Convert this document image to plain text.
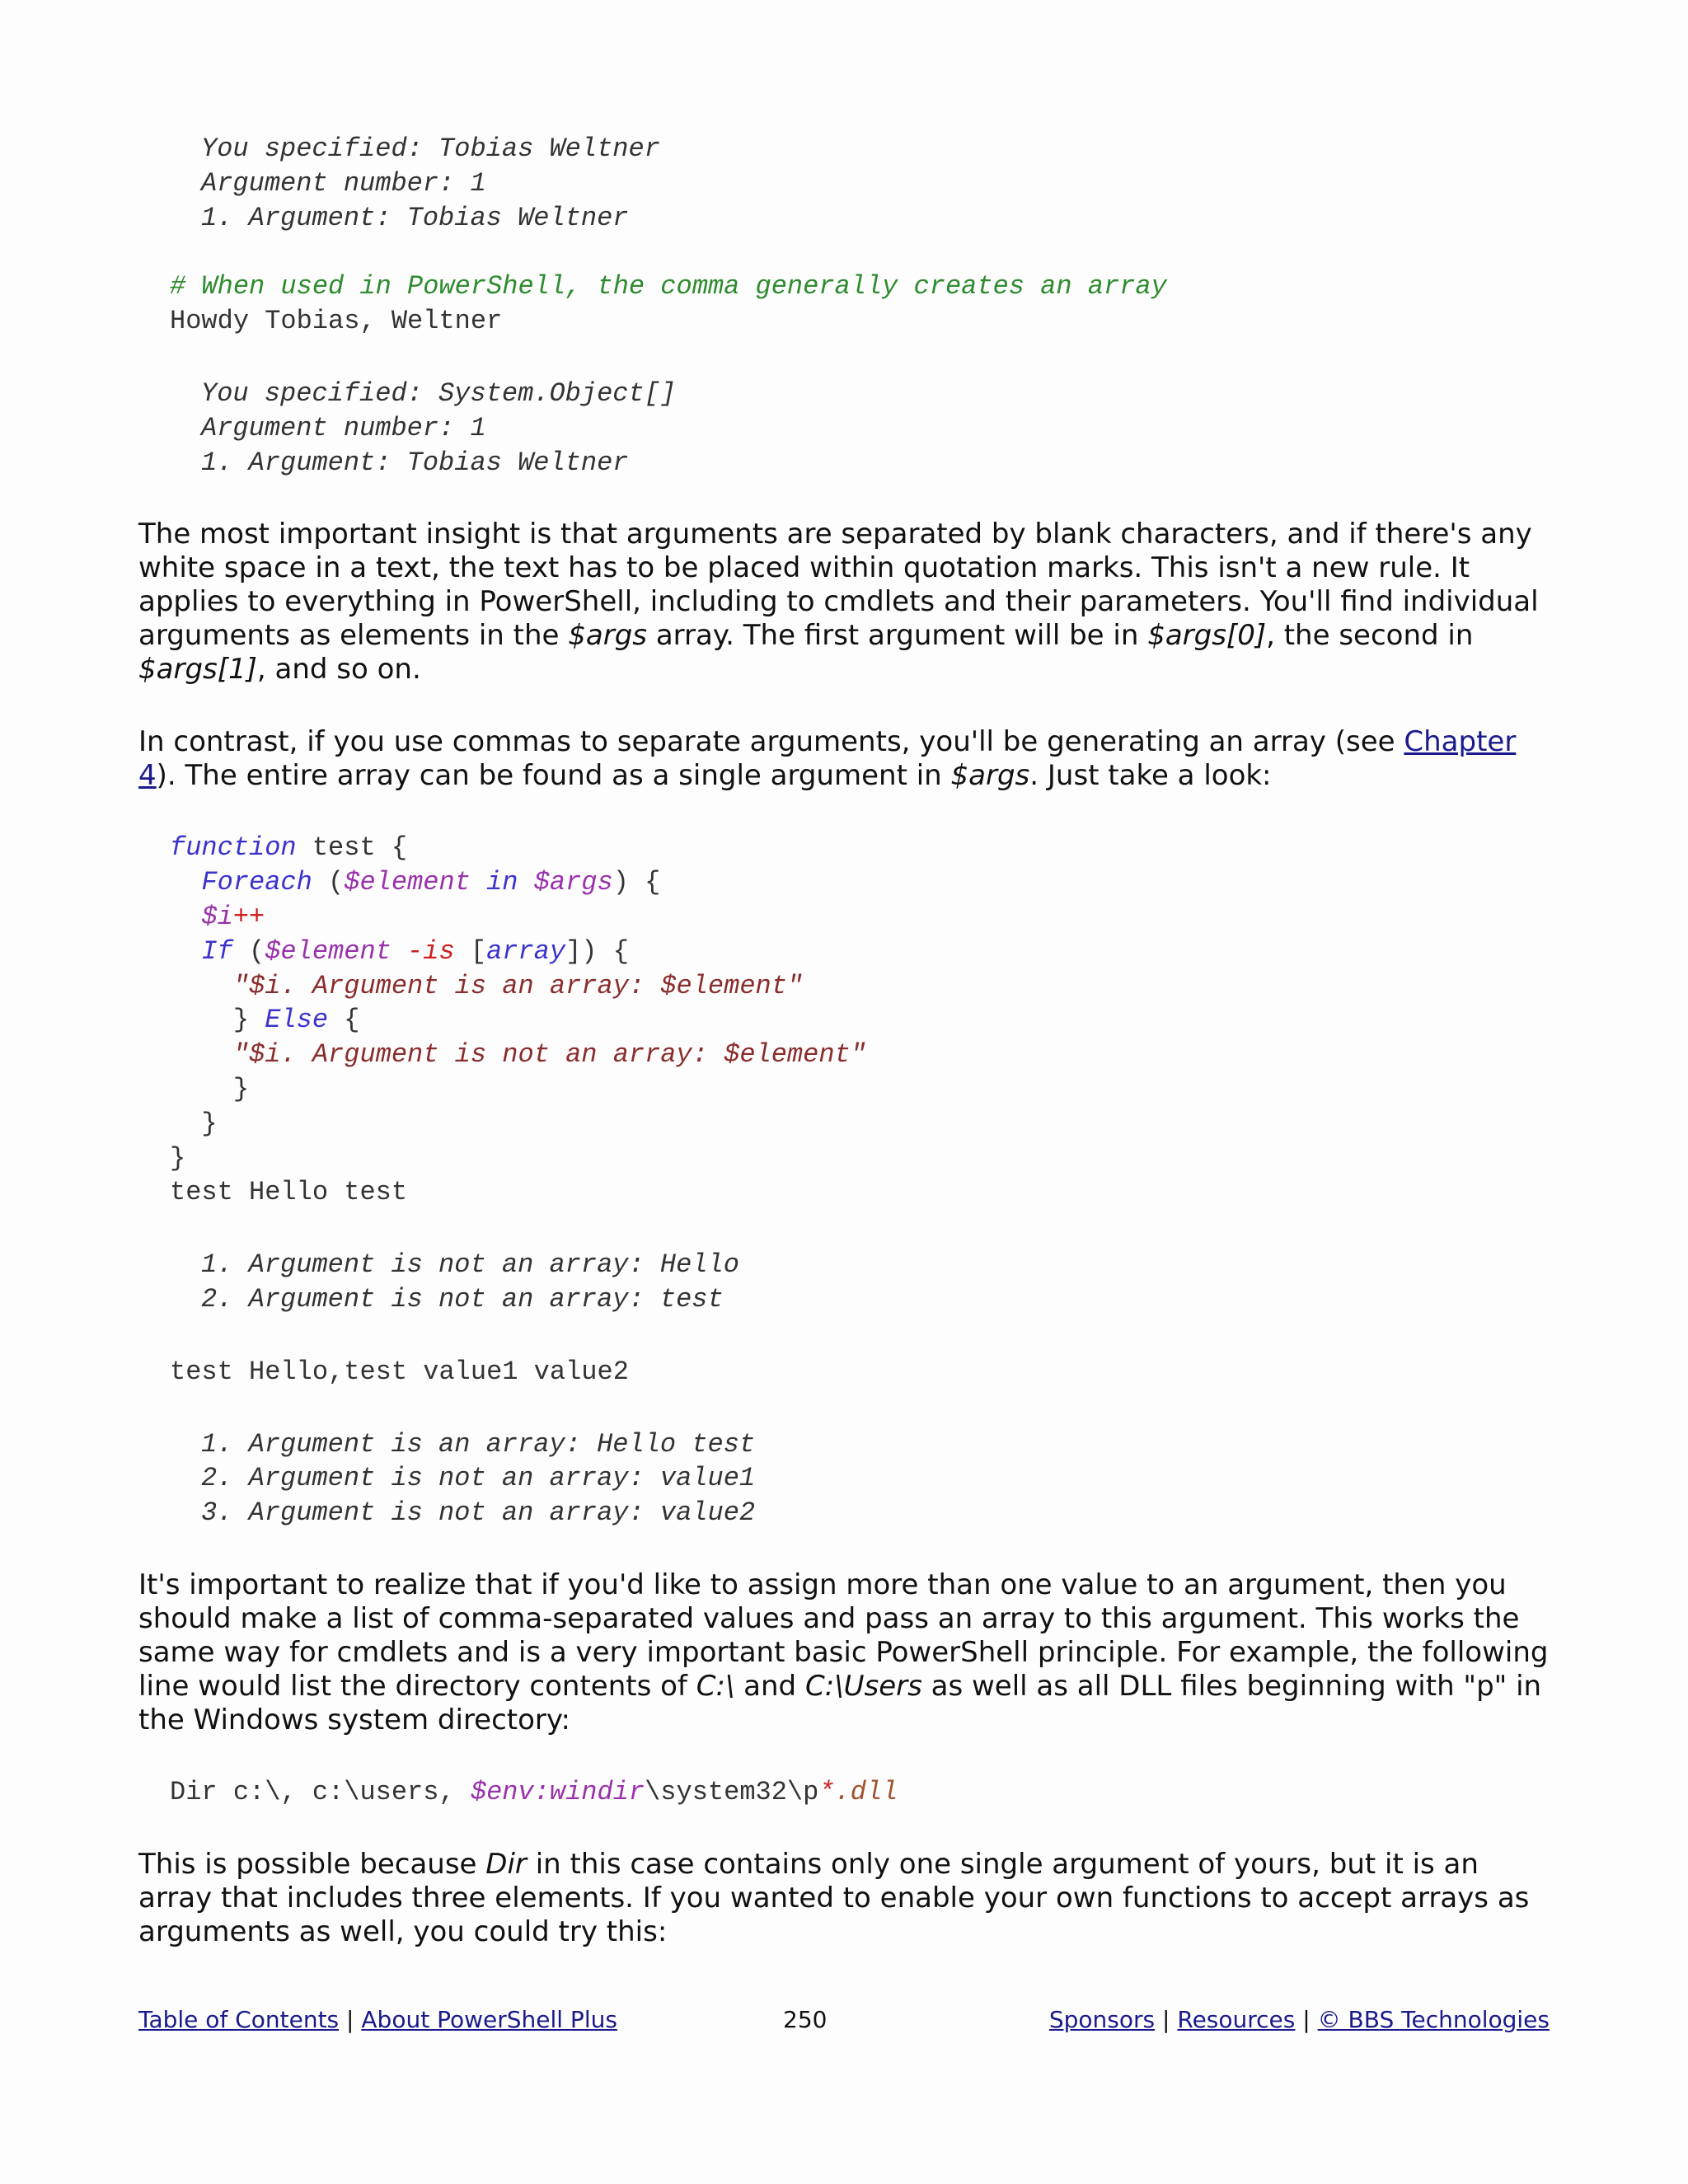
You specified: Tobias Weltner
Argument number: 1
1. Argument: Tobias Weltner
# When used in PowerShell, the comma generally creates an array
Howdy Tobias, Weltner
You specified: System.Object[]
Argument number: 1
1. Argument: Tobias Weltner

The most important insight is that arguments are separated by blank characters, and if there's any white space in a text, the text has to be placed within quotation marks. This isn't a new rule. It applies to everything in PowerShell, including to cmdlets and their parameters. You'll find individual arguments as elements in the $args array. The first argument will be in $args[0], the second in $args[1], and so on.

In contrast, if you use commas to separate arguments, you'll be generating an array (see Chapter 4). The entire array can be found as a single argument in $args. Just take a look:

function test {
Foreach ($element in $args) {
$i++
If ($element -is [array]) {
"$i. Argument is an array: $element"
} Else {
"$i. Argument is not an array: $element"
}
}
}
test Hello test
1. Argument is not an array: Hello
2. Argument is not an array: test
test Hello,test value1 value2
1. Argument is an array: Hello test
2. Argument is not an array: value1
3. Argument is not an array: value2

It's important to realize that if you'd like to assign more than one value to an argument, then you should make a list of comma-separated values and pass an array to this argument. This works the same way for cmdlets and is a very important basic PowerShell principle. For example, the following line would list the directory contents of C:\ and C:\Users as well as all DLL files beginning with "p" in the Windows system directory:

Dir c:\, c:\users, $env:windir\system32\p*.dll

This is possible because Dir in this case contains only one single argument of yours, but it is an array that includes three elements. If you wanted to enable your own functions to accept arrays as arguments as well, you could try this:

Table of Contents | About PowerShell Plus	250	Sponsors | Resources | © BBS Technologies
